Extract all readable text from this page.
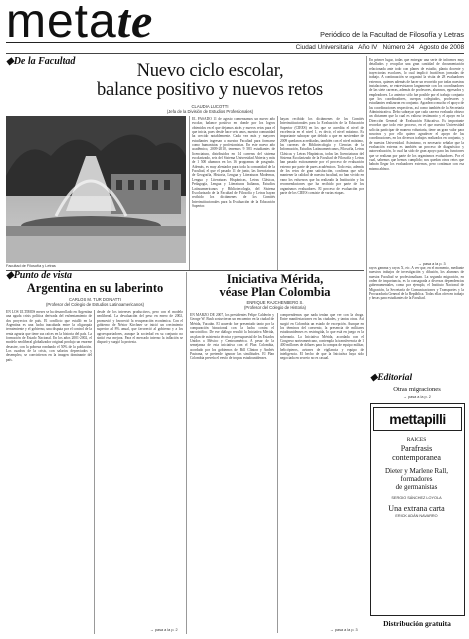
metate	Periódico de la Facultad de Filosofía y Letras
Ciudad Universitaria   Año IV   Número 24   Agosto de 2008
◆De la Facultad	Nuevo ciclo escolar,
balance positivo y nuevos retos
CLAUDIA LUCOTTI
(Jefa de la División de Estudios Profesionales)
Facultad de Filosofía y Letras

EL PASADO 11 de agosto comenzamos un nuevo año escolar, balance positivo en donde por los logros obtenidos en el que dejamos atrás y nuevos retos para el que inicia, pues desde hace seis anos, nuestra comunidad ha crecido notablemente. Cada vez más y mayores estudiantes ingresan a nuestra Facultad para formarse como humanistas y profesionistas. En este nuevo año académico, 2009-2010, tenemos 9 583 estudiantes de licenciatura, distribuidos en 14 carreras del sistema escolarizado, seis del Sistema Universidad Abierta y más de 1 500 alumnos en los 16 programas de posgrado. Además, es muy alentador para toda la comunidad de la Facultad, el que el pasado 11 de junio, las licenciaturas de Geografía, Historia, Lengua y Literaturas Modernas, Lengua y Literaturas Hispánicas, Letras Clásicas, Pedagogía, Lengua y Literaturas Italianas, Estudios Latinoamericanos y Bibliotecología, del Sistema Escolarizado de la Facultad de Filosofía y Letras hayan recibido los dictámenes de los Comités Interinstitucionales para la Evaluación de la Educación Superior.

hayan recibido los dictámenes de los Comités Interinstitucionales para la Evaluación de la Educación Superior (CIEES) en los que se acredita el nivel de excelencia en el nivel 1, es decir, el nivel máximo. Es importante subrayar que debido a que en noviembre de 2009 quedaron acreditadas, también con el nivel máximo, las carreras de Bibliotecología y Ciencias de la Información, Estudios Latinoamericanos, Filosofía, Letras Clásicas y Letras Hispánicas, todas las licenciaturas del Sistema Escolarizado de la Facultad de Filosofía y Letras han pasado exitosamente por el proceso de evaluación externo por parte de pares académicos. Todo esto, además de los retos de gran satisfacción, confirma que sólo mantener la calidad de nuestra facultad, no han vivido en vano los esfuerzos que ha realizado la Institución y las recomendaciones que ha recibido por parte de los organismos evaluadores. El proceso de evaluación por parte de los CIEES consiste de varias etapas.

En primer lugar, todas que entregar una serie de informes muy detallados y recopilar una gran cantidad de documentación relacionada ante todo con planes de estudio, planta docente y trayectorias escolares, lo cual implicó fructíferas jornadas de trabajo. A continuación se organizó la visita de 28 evaluadores externos, quienes además de hacer un recorrido por todas nuestras instalaciones, se entrevistaron largamente con los coordinadores de las siete carreras, además de profesores, alumnos, egresados y empleadores. Lo anterior sólo fue posible por el trabajo conjunto que los coordinadores, cuerpos colegiados, profesores y estudiantes realizaron en conjunto. Agradezco mucho el apoyo de las coordinaciones respectivas, así como también de la Secretaría Administrativa. Debo subrayar que cada carrera evaluada obtuvo un dictamen que la cual es valioso testimonio y el apoyo en la Dirección General de Evaluación Educativa. Es importante recordar que todo este proceso, en el que nuestra Universidad solicita participar de manera voluntaria, tiene un gran valor para nosotros y por ello quiero agradecer el apoyo de las coordinaciones, en los diversos trabajos realizados en conjunto, y de nuestra Universidad. Asimismo, es necesario señalar que la evaluación externa es también un proceso de diagnóstico y autoevaluación, lo cual ha sido de gran apoyo para las funciones que se realizan por parte de los organismos evaluadores. Por el cual, sabemos que hemos cumplido; nos quedan otros retos que habrán llegar los evaluadores externos, pero continuar con esa misma ahínco.

→ pasa a la p. 3
◆Punto de vista
Argentina en su laberinto
CARLOS M. TUR DONATTI
(Profesor del Colegio de Estudios Latinoamericanos)

EN LOS ÚLTIMOS meses se ha desarrollado en Argentina una aguda crisis política derivada del enfrentamiento de dos proyectos de país. El conflicto que estalló en la Argentina es una lucha inacabada entre la oligarquía terrateniente y el gobierno, una disputa por el control de la renta agraria que tiene sus raíces en la historia del país. La formación de Estado Nacional. En los años 2001-2002, el modelo neoliberal globalizador original produjo un enorme desastre, con la pobreza rondando el 50% de la población. Los cuadros de la crisis, con salarios depreciados y desempleo, se convirtieron en la imagen dominante del país.

desde de los intereses productivos, pero con el modelo neoliberal. La devaluación del peso en enero de 2002, promovió y favoreció la recuperación económica. Con el gobierno de Néstor Kirchner se inició un crecimiento superior al 8% anual, que favoreció al gobierno y a los agroexportadores, aunque la sociedad en su conjunto no sintió esa mejora. Para el mercado interno la inflación se disparó y surgió la protesta.

→ pasa a la p. 2
Iniciativa Mérida,
véase Plan Colombia
ENRIQUE RAJCHENBERG S.
(Profesor del Colegio de Historia)

EN MARZO DE 2007, los presidentes Felipe Calderón y George W. Bush sostuvieron un encuentro en la ciudad de Mérida, Yucatán. El acuerdo fue presentado tanto por la comparación binacional con la lucha contra el narcotráfico. De ese diálogo resultó la Iniciativa Mérida, un plan de asistencia técnica y presupuestal de los Estados Unidos a México y Centroamérica. A pesar de la semejanza de esta iniciativa con el Plan Colombia, acordado por los gobiernos de Bill Clinton y Andrés Pastrana, se pretende ignorar las similitudes. El Plan Colombia preveía el envío de tropas estadounidenses.

comprendemos que nada tenían que ver con la droga. Entre manifestaciones en las ciudades, y tantas otras. Así surgió en Colombia un estado de excepción. Aunque en los términos del convenio, la presencia de militares estadounidenses es restringida, lo que está en juego es la soberanía. La Iniciativa Mérida, acordada con el Congreso norteamericano, contempla la transferencia de 1 400 millones de dólares para la compra de equipo militar, helicópteros, aviones de vigilancia y equipo de inteligencia. El hecho de que la Iniciativa haya sido negociada en secreto no es casual.

→ pasa a la p. 3

rayos gamma y rayos X, etc. A ver que, en el momento, mediante nuestros trabajos de investigación y difusión, los alumnos de nuestra Facultad se profesionalizan. La segunda migración, en orden de importancia, es la consagrada a diversas dependencias gubernamentales, como por ejemplo, el Instituto Nacional de Migración, la Secretaría de Comunicaciones y Transportes y la Procuraduría General de la República. Todas ellas ofrecen trabajo y becas para estudiantes de la Facultad.

◆Editorial
Otras migraciones
→ pasa a la p. 2
mettapilli
RAICES
Parafrasis
contemporanea
Dieter y Marlene Rall,
formadores
de germanistas
SERGIO SÁNCHEZ LOYOLA
Una extrana carta
ERICK ADÁN NAVARRO
Distribución gratuita
